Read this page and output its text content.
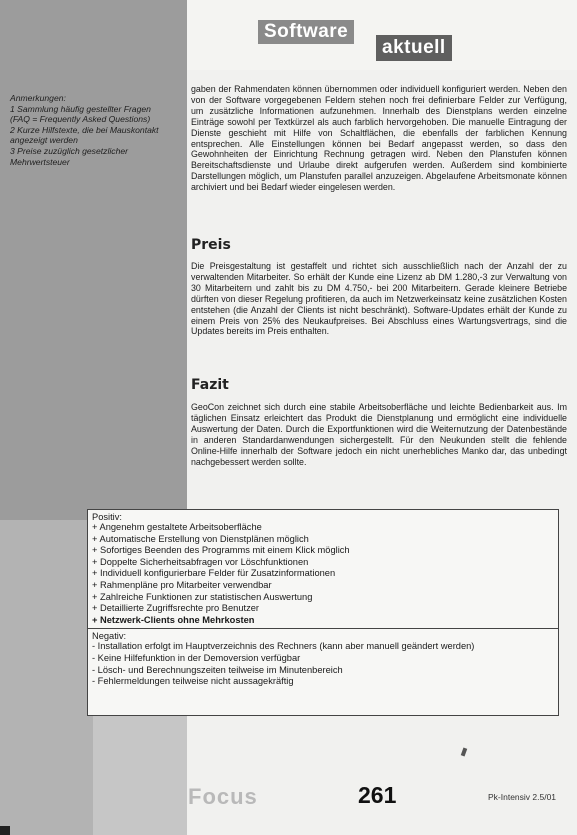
Software
aktuell

Anmerkungen:

1 Sammlung häufig gestellter Fragen (FAQ = Frequently Asked Questions)

2 Kurze Hilfstexte, die bei Mauskontakt angezeigt werden

3 Preise zuzüglich gesetzlicher Mehrwertsteuer

gaben der Rahmendaten können übernommen oder individuell konfiguriert werden. Neben den von der Software vorgegebenen Feldern stehen noch frei definierbare Felder zur Verfügung, um zusätzliche Informationen aufzunehmen. Innerhalb des Dienstplans werden einzelne Einträge sowohl per Textkürzel als auch farblich hervorgehoben. Die manuelle Eintragung der Dienste geschieht mit Hilfe von Schaltflächen, die ebenfalls der farblichen Kennung entsprechen. Alle Einstellungen können bei Bedarf angepasst werden, so dass den Gewohnheiten der Einrichtung Rechnung getragen wird. Neben den Planstufen können Bereitschaftsdienste und Urlaube direkt aufgerufen werden. Außerdem sind kombinierte Darstellungen möglich, um Planstufen parallel anzuzeigen. Abgelaufene Arbeitsmonate können archiviert und bei Bedarf wieder eingelesen werden.

Preis

Die Preisgestaltung ist gestaffelt und richtet sich ausschließlich nach der Anzahl der zu verwaltenden Mitarbeiter. So erhält der Kunde eine Lizenz ab DM 1.280,-3 zur Verwaltung von 30 Mitarbeitern und zahlt bis zu DM 4.750,- bei 200 Mitarbeitern. Gerade kleinere Betriebe dürften von dieser Regelung profitieren, da auch im Netzwerkeinsatz keine zusätzlichen Kosten entstehen (die Anzahl der Clients ist nicht beschränkt). Software-Updates erhält der Kunde zu einem Preis von 25% des Neukaufpreises. Bei Abschluss eines Wartungsvertrags, sind die Updates bereits im Preis enthalten.

Fazit

GeoCon zeichnet sich durch eine stabile Arbeitsoberfläche und leichte Bedienbarkeit aus. Im täglichen Einsatz erleichtert das Produkt die Dienstplanung und ermöglicht eine individuelle Auswertung der Daten. Durch die Exportfunktionen wird die Weiternutzung der Datenbestände in anderen Standardanwendungen sichergestellt. Für den Neukunden stellt die fehlende Online-Hilfe innerhalb der Software jedoch ein nicht unerhebliches Manko dar, das unbedingt nachgebessert werden sollte.

Positiv:
+ Angenehm gestaltete Arbeitsoberfläche
+ Automatische Erstellung von Dienstplänen möglich
+ Sofortiges Beenden des Programms mit einem Klick möglich
+ Doppelte Sicherheitsabfragen vor Löschfunktionen
+ Individuell konfigurierbare Felder für Zusatzinformationen
+ Rahmenpläne pro Mitarbeiter verwendbar
+ Zahlreiche Funktionen zur statistischen Auswertung
+ Detaillierte Zugriffsrechte pro Benutzer
+ Netzwerk-Clients ohne Mehrkosten
Negativ:
- Installation erfolgt im Hauptverzeichnis des Rechners (kann aber manuell geändert werden)
- Keine Hilfefunktion in der Demoversion verfügbar
- Lösch- und Berechnungszeiten teilweise im Minutenbereich
- Fehlermeldungen teilweise nicht aussagekräftig
Focus	261	Pk-Intensiv 2.5/01
